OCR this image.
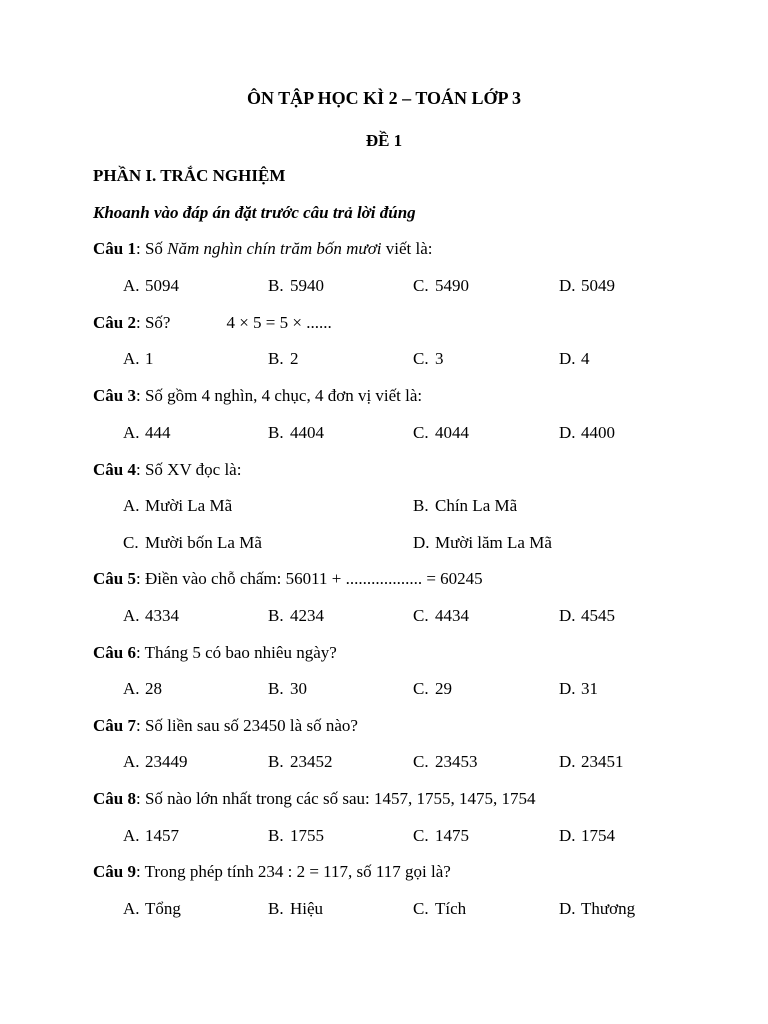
ÔN TẬP HỌC KÌ 2 – TOÁN LỚP 3
ĐỀ 1
PHẦN I. TRẮC NGHIỆM
Khoanh vào đáp án đặt trước câu trả lời đúng
Câu 1: Số Năm nghìn chín trăm bốn mươi viết là:
A. 5094	B. 5940	C. 5490	D. 5049
Câu 2: Số?	4 × 5 = 5 × ......
A. 1	B. 2	C. 3	D. 4
Câu 3: Số gồm 4 nghìn, 4 chục, 4 đơn vị viết là:
A. 444	B. 4404	C. 4044	D. 4400
Câu 4: Số XV đọc là:
A. Mười La Mã	B. Chín La Mã
C. Mười bốn La Mã	D. Mười lăm La Mã
Câu 5: Điền vào chỗ chấm: 56011 + .................. = 60245
A. 4334	B. 4234	C. 4434	D. 4545
Câu 6: Tháng 5 có bao nhiêu ngày?
A. 28	B. 30	C. 29	D. 31
Câu 7: Số liền sau số 23450 là số nào?
A. 23449	B. 23452	C. 23453	D. 23451
Câu 8: Số nào lớn nhất trong các số sau: 1457, 1755, 1475, 1754
A. 1457	B. 1755	C. 1475	D. 1754
Câu 9: Trong phép tính 234 : 2 = 117, số 117 gọi là?
A. Tổng	B. Hiệu	C. Tích	D. Thương
